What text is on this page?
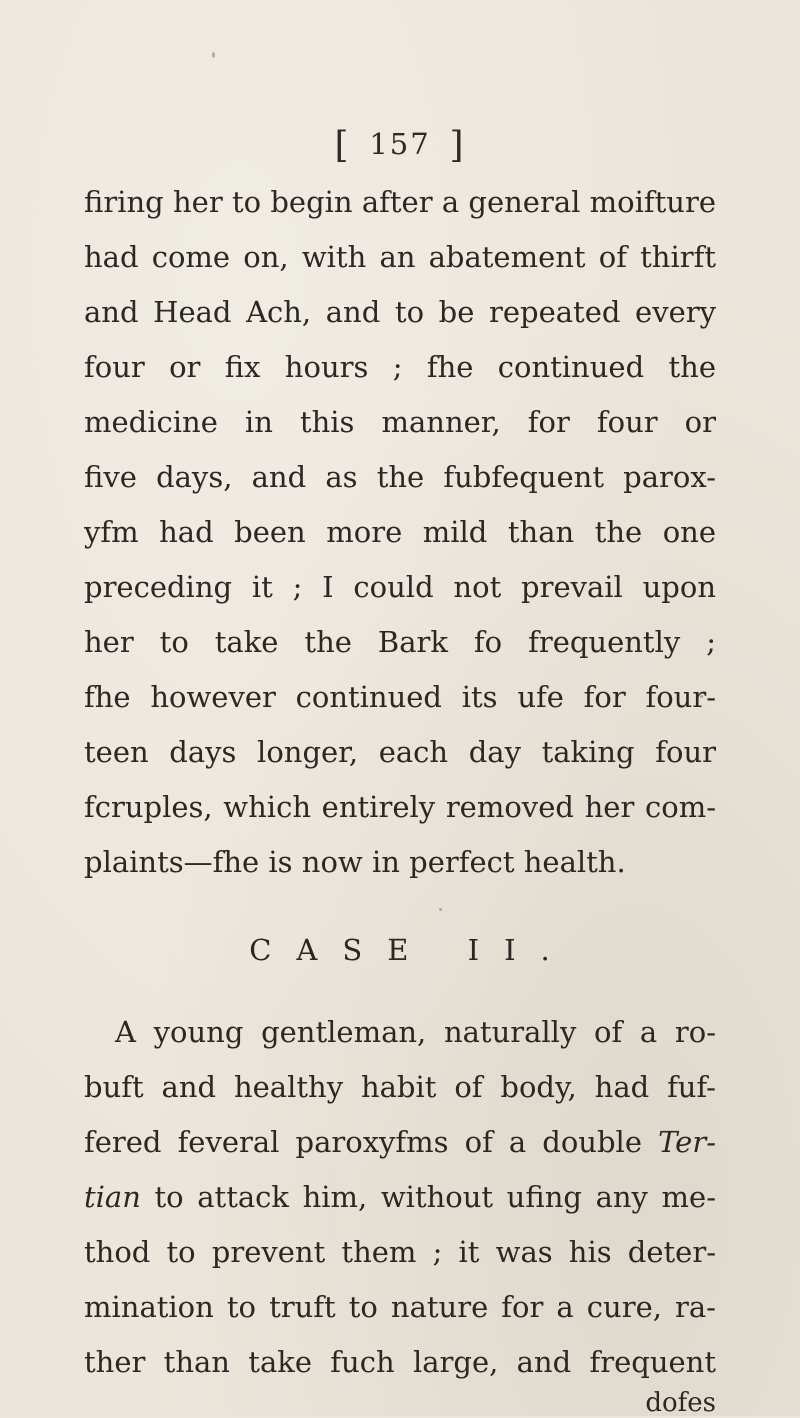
[ 157 ]
firing her to begin after a general moifture
had come on, with an abatement of thirft
and Head Ach, and to be repeated every
four or fix hours ; fhe continued the
medicine in this manner, for four or
five days, and as the fubfequent parox-
yfm had been more mild than the one
preceding it ; I could not prevail upon
her to take the Bark fo frequently ;
fhe however continued its ufe for four-
teen days longer, each day taking four
fcruples, which entirely removed her com-
plaints—fhe is now in perfect health.
CASE II.
A young gentleman, naturally of a ro-
buft and healthy habit of body, had fuf-
fered feveral paroxyfms of a double Ter-
tian to attack him, without ufing any me-
thod to prevent them ; it was his deter-
mination to truft to nature for a cure, ra-
ther than take fuch large, and frequent
dofes
